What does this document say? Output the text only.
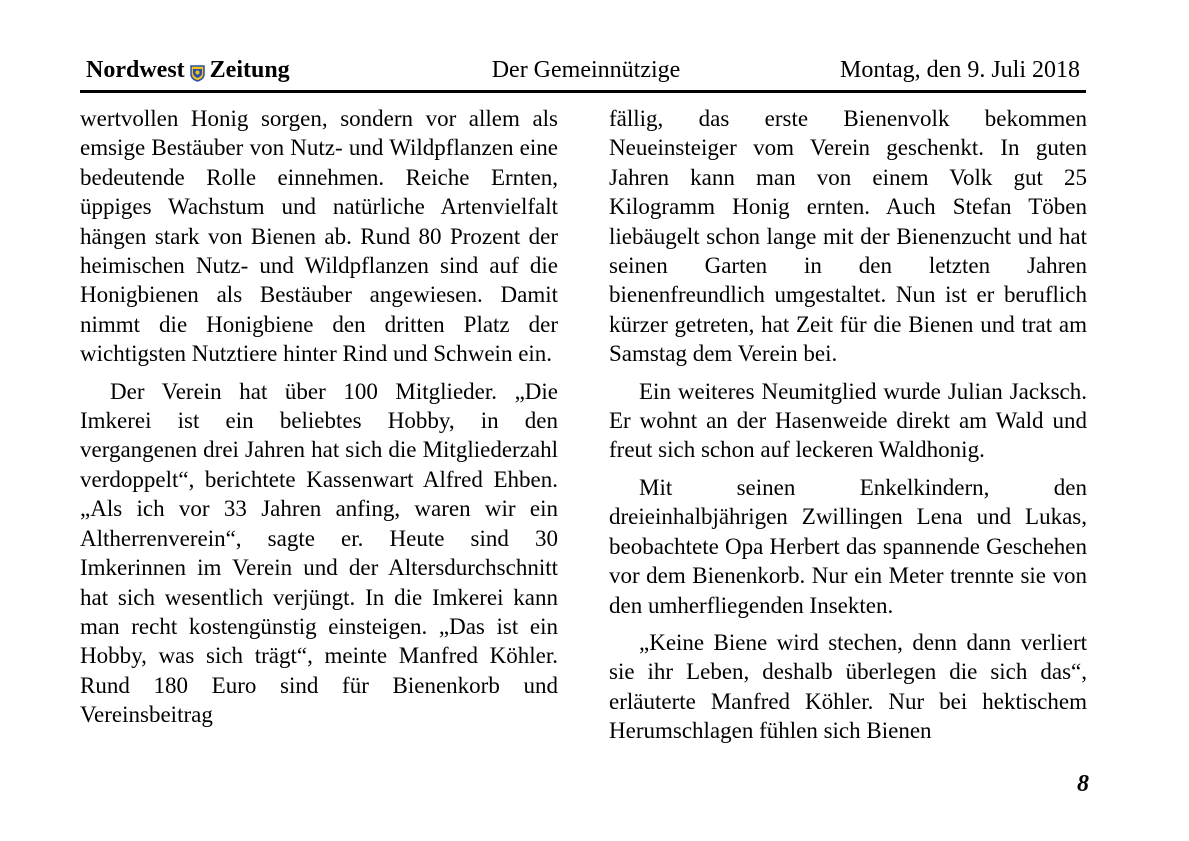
Nordwest Zeitung	Der Gemeinnützige	Montag, den 9. Juli 2018

wertvollen Honig sorgen, sondern vor allem als emsige Bestäuber von Nutz- und Wildpflanzen eine bedeutende Rolle einnehmen. Reiche Ernten, üppiges Wachstum und natürliche Artenvielfalt hängen stark von Bienen ab. Rund 80 Prozent der heimischen Nutz- und Wildpflanzen sind auf die Honigbienen als Bestäuber angewiesen. Damit nimmt die Honigbiene den dritten Platz der wichtigsten Nutztiere hinter Rind und Schwein ein.

Der Verein hat über 100 Mitglieder. „Die Imkerei ist ein beliebtes Hobby, in den vergangenen drei Jahren hat sich die Mitgliederzahl verdoppelt“, berichtete Kassenwart Alfred Ehben. „Als ich vor 33 Jahren anfing, waren wir ein Altherrenverein“, sagte er. Heute sind 30 Imkerinnen im Verein und der Altersdurchschnitt hat sich wesentlich verjüngt. In die Imkerei kann man recht kostengünstig einsteigen. „Das ist ein Hobby, was sich trägt“, meinte Manfred Köhler. Rund 180 Euro sind für Bienenkorb und Vereinsbeitrag

fällig, das erste Bienenvolk bekommen Neueinsteiger vom Verein geschenkt. In guten Jahren kann man von einem Volk gut 25 Kilogramm Honig ernten. Auch Stefan Töben liebäugelt schon lange mit der Bienenzucht und hat seinen Garten in den letzten Jahren bienenfreundlich umgestaltet. Nun ist er beruflich kürzer getreten, hat Zeit für die Bienen und trat am Samstag dem Verein bei.

Ein weiteres Neumitglied wurde Julian Jacksch. Er wohnt an der Hasenweide direkt am Wald und freut sich schon auf leckeren Waldhonig.

Mit seinen Enkelkindern, den dreieinhalbjährigen Zwillingen Lena und Lukas, beobachtete Opa Herbert das spannende Geschehen vor dem Bienenkorb. Nur ein Meter trennte sie von den umherfliegenden Insekten.

„Keine Biene wird stechen, denn dann verliert sie ihr Leben, deshalb überlegen die sich das“, erläuterte Manfred Köhler. Nur bei hektischem Herumschlagen fühlen sich Bienen

8
